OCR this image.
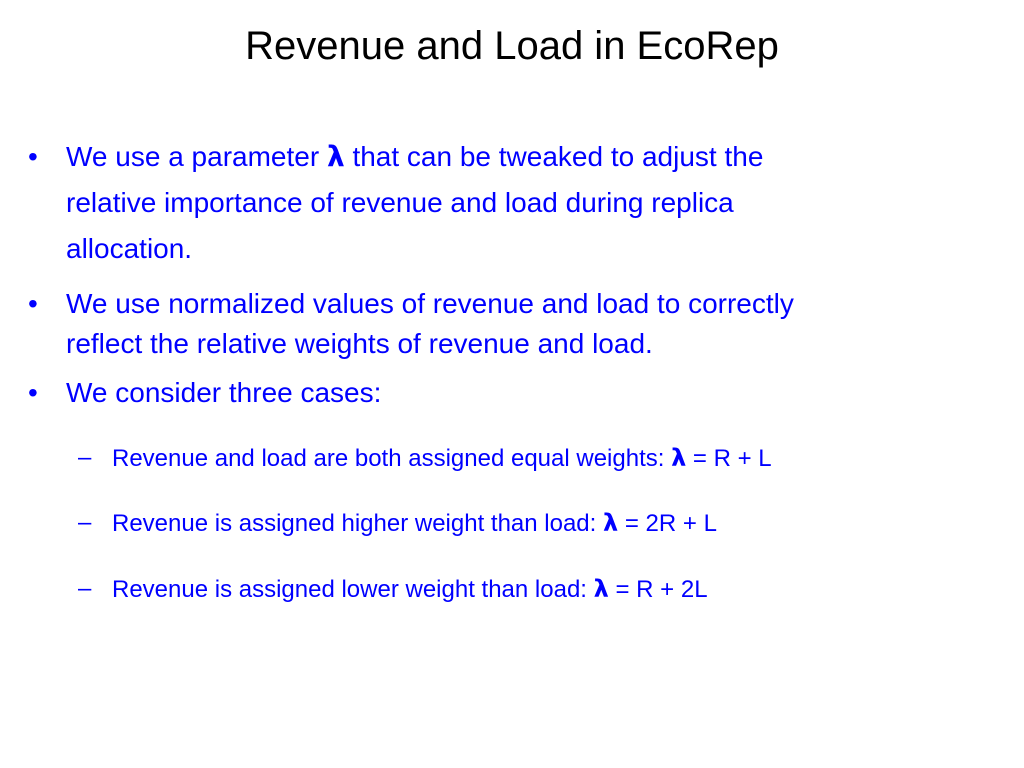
Revenue and Load in EcoRep
• We use a parameter λ that can be tweaked to adjust the
relative importance of revenue and load during replica
allocation.
• We use normalized values of revenue and load to correctly
reflect the relative weights of revenue and load.
• We consider three cases:
– Revenue and load are both assigned equal weights: λ = R + L
– Revenue is assigned higher weight than load: λ = 2R + L
– Revenue is assigned lower weight than load: λ = R + 2L
